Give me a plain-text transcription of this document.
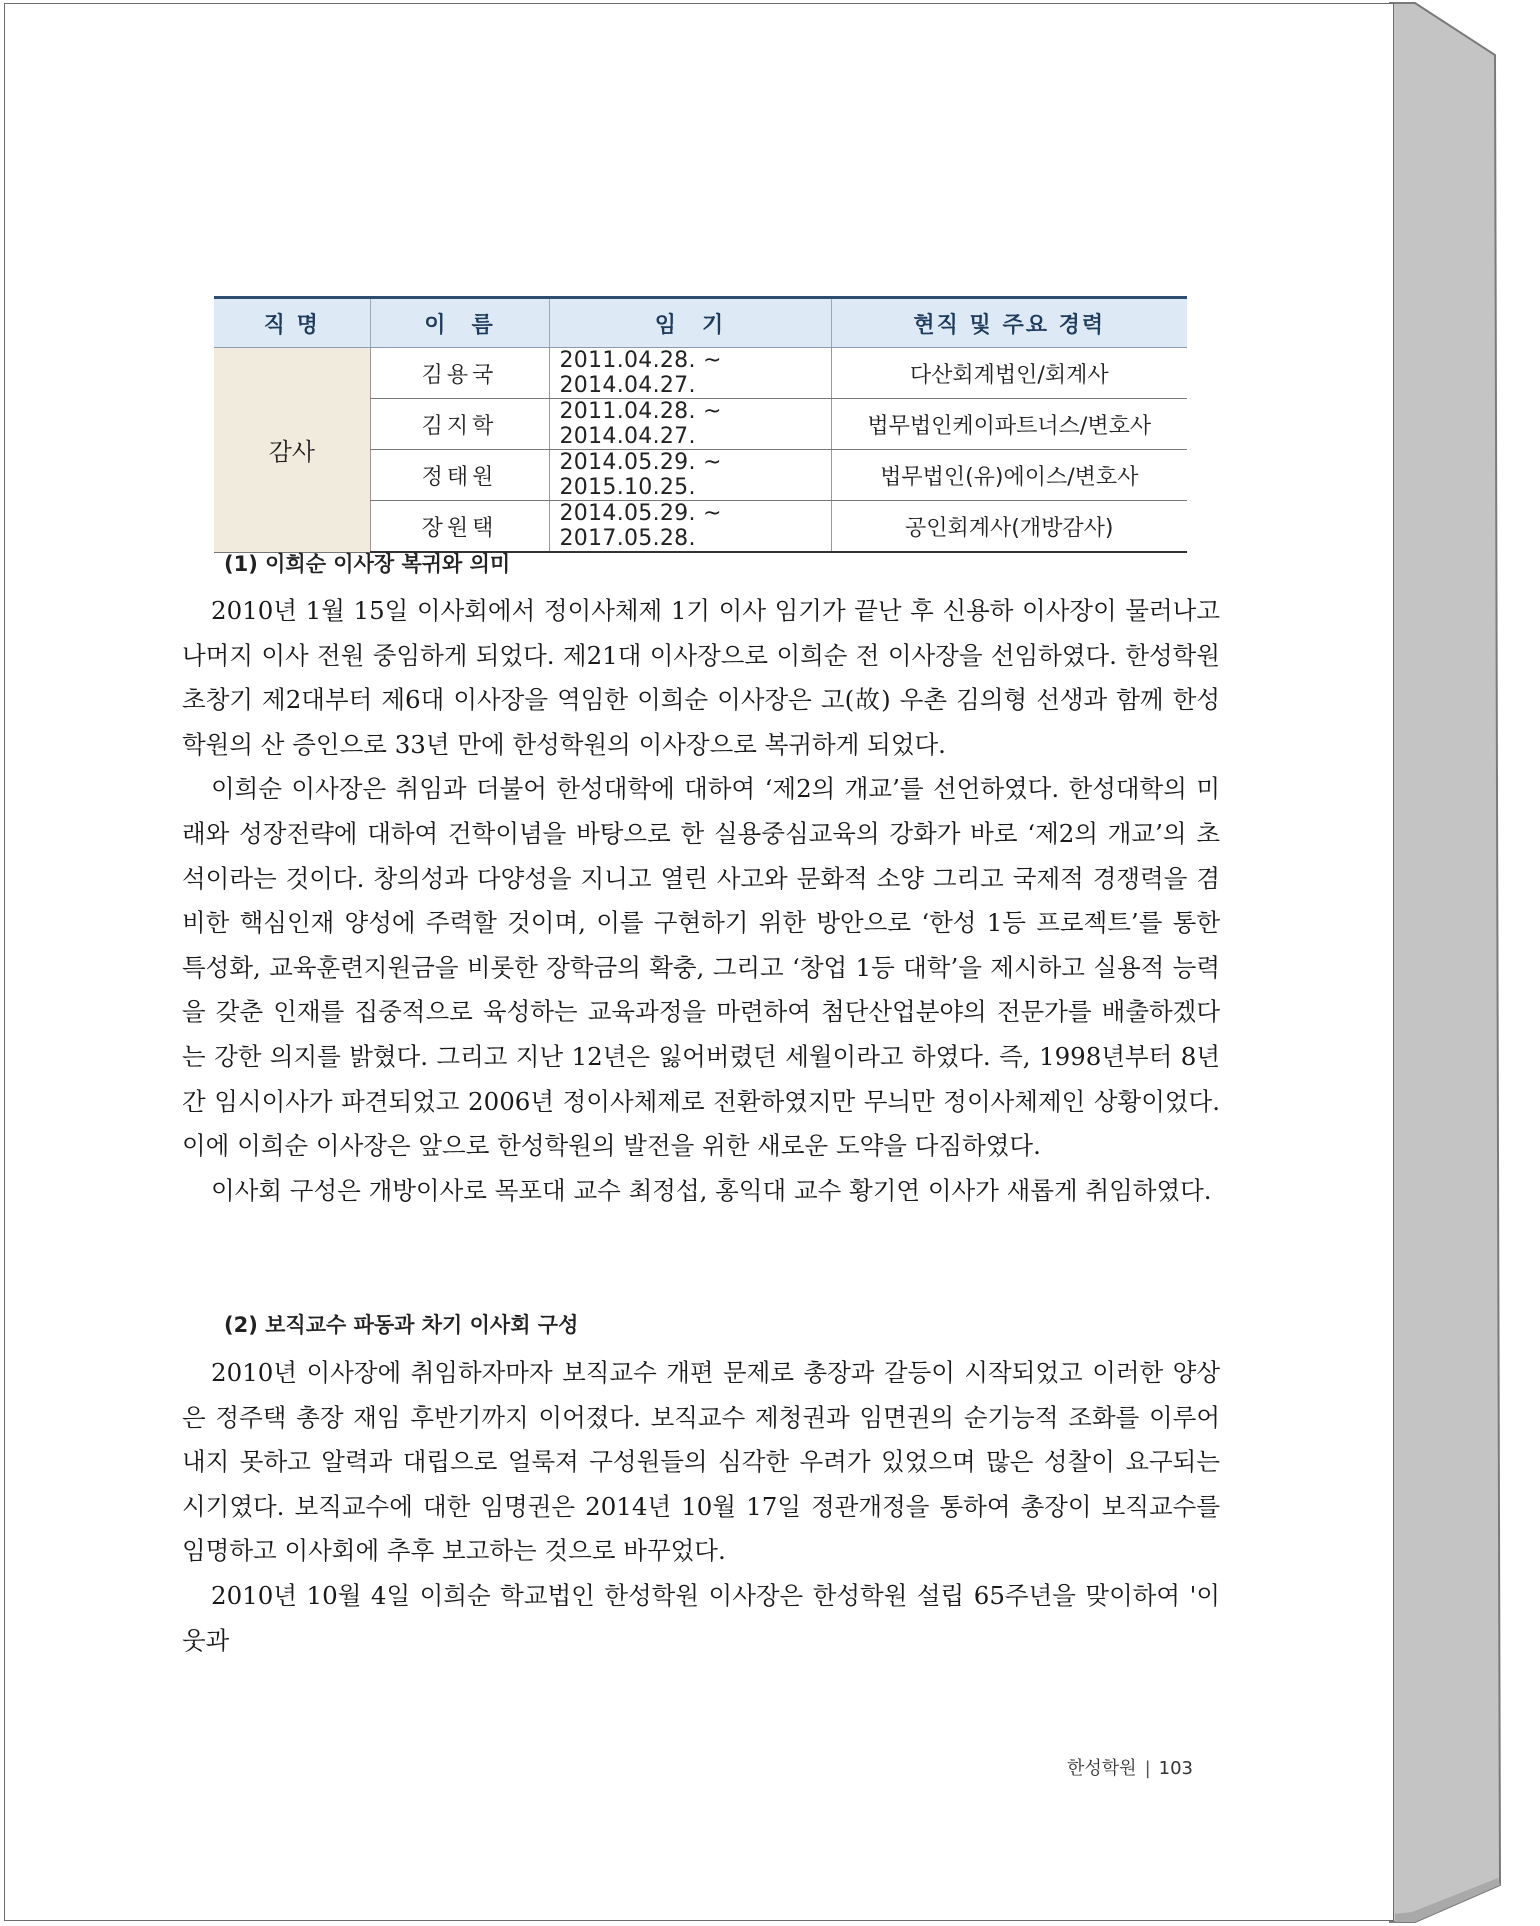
직 명	이　름	임　기	현직 및 주요 경력
감사	김용국	2011.04.28. ~ 2014.04.27.	다산회계법인/회계사
	김지학	2011.04.28. ~ 2014.04.27.	법무법인케이파트너스/변호사
	정태원	2014.05.29. ~ 2015.10.25.	법무법인(유)에이스/변호사
	장원택	2014.05.29. ~ 2017.05.28.	공인회계사(개방감사)
(1) 이희순 이사장 복귀와 의미

2010년 1월 15일 이사회에서 정이사체제 1기 이사 임기가 끝난 후 신용하 이사장이 물러나고 나머지 이사 전원 중임하게 되었다. 제21대 이사장으로 이희순 전 이사장을 선임하였다. 한성학원 초창기 제2대부터 제6대 이사장을 역임한 이희순 이사장은 고(故) 우촌 김의형 선생과 함께 한성학원의 산 증인으로 33년 만에 한성학원의 이사장으로 복귀하게 되었다.

이희순 이사장은 취임과 더불어 한성대학에 대하여 ‘제2의 개교’를 선언하였다. 한성대학의 미래와 성장전략에 대하여 건학이념을 바탕으로 한 실용중심교육의 강화가 바로 ‘제2의 개교’의 초석이라는 것이다. 창의성과 다양성을 지니고 열린 사고와 문화적 소양 그리고 국제적 경쟁력을 겸비한 핵심인재 양성에 주력할 것이며, 이를 구현하기 위한 방안으로 ‘한성 1등 프로젝트’를 통한 특성화, 교육훈련지원금을 비롯한 장학금의 확충, 그리고 ‘창업 1등 대학’을 제시하고 실용적 능력을 갖춘 인재를 집중적으로 육성하는 교육과정을 마련하여 첨단산업분야의 전문가를 배출하겠다는 강한 의지를 밝혔다. 그리고 지난 12년은 잃어버렸던 세월이라고 하였다. 즉, 1998년부터 8년간 임시이사가 파견되었고 2006년 정이사체제로 전환하였지만 무늬만 정이사체제인 상황이었다. 이에 이희순 이사장은 앞으로 한성학원의 발전을 위한 새로운 도약을 다짐하였다.

이사회 구성은 개방이사로 목포대 교수 최정섭, 홍익대 교수 황기연 이사가 새롭게 취임하였다.

(2) 보직교수 파동과 차기 이사회 구성

2010년 이사장에 취임하자마자 보직교수 개편 문제로 총장과 갈등이 시작되었고 이러한 양상은 정주택 총장 재임 후반기까지 이어졌다. 보직교수 제청권과 임면권의 순기능적 조화를 이루어내지 못하고 알력과 대립으로 얼룩져 구성원들의 심각한 우려가 있었으며 많은 성찰이 요구되는 시기였다. 보직교수에 대한 임명권은 2014년 10월 17일 정관개정을 통하여 총장이 보직교수를 임명하고 이사회에 추후 보고하는 것으로 바꾸었다.

2010년 10월 4일 이희순 학교법인 한성학원 이사장은 한성학원 설립 65주년을 맞이하여 '이웃과

한성학원 | 103
